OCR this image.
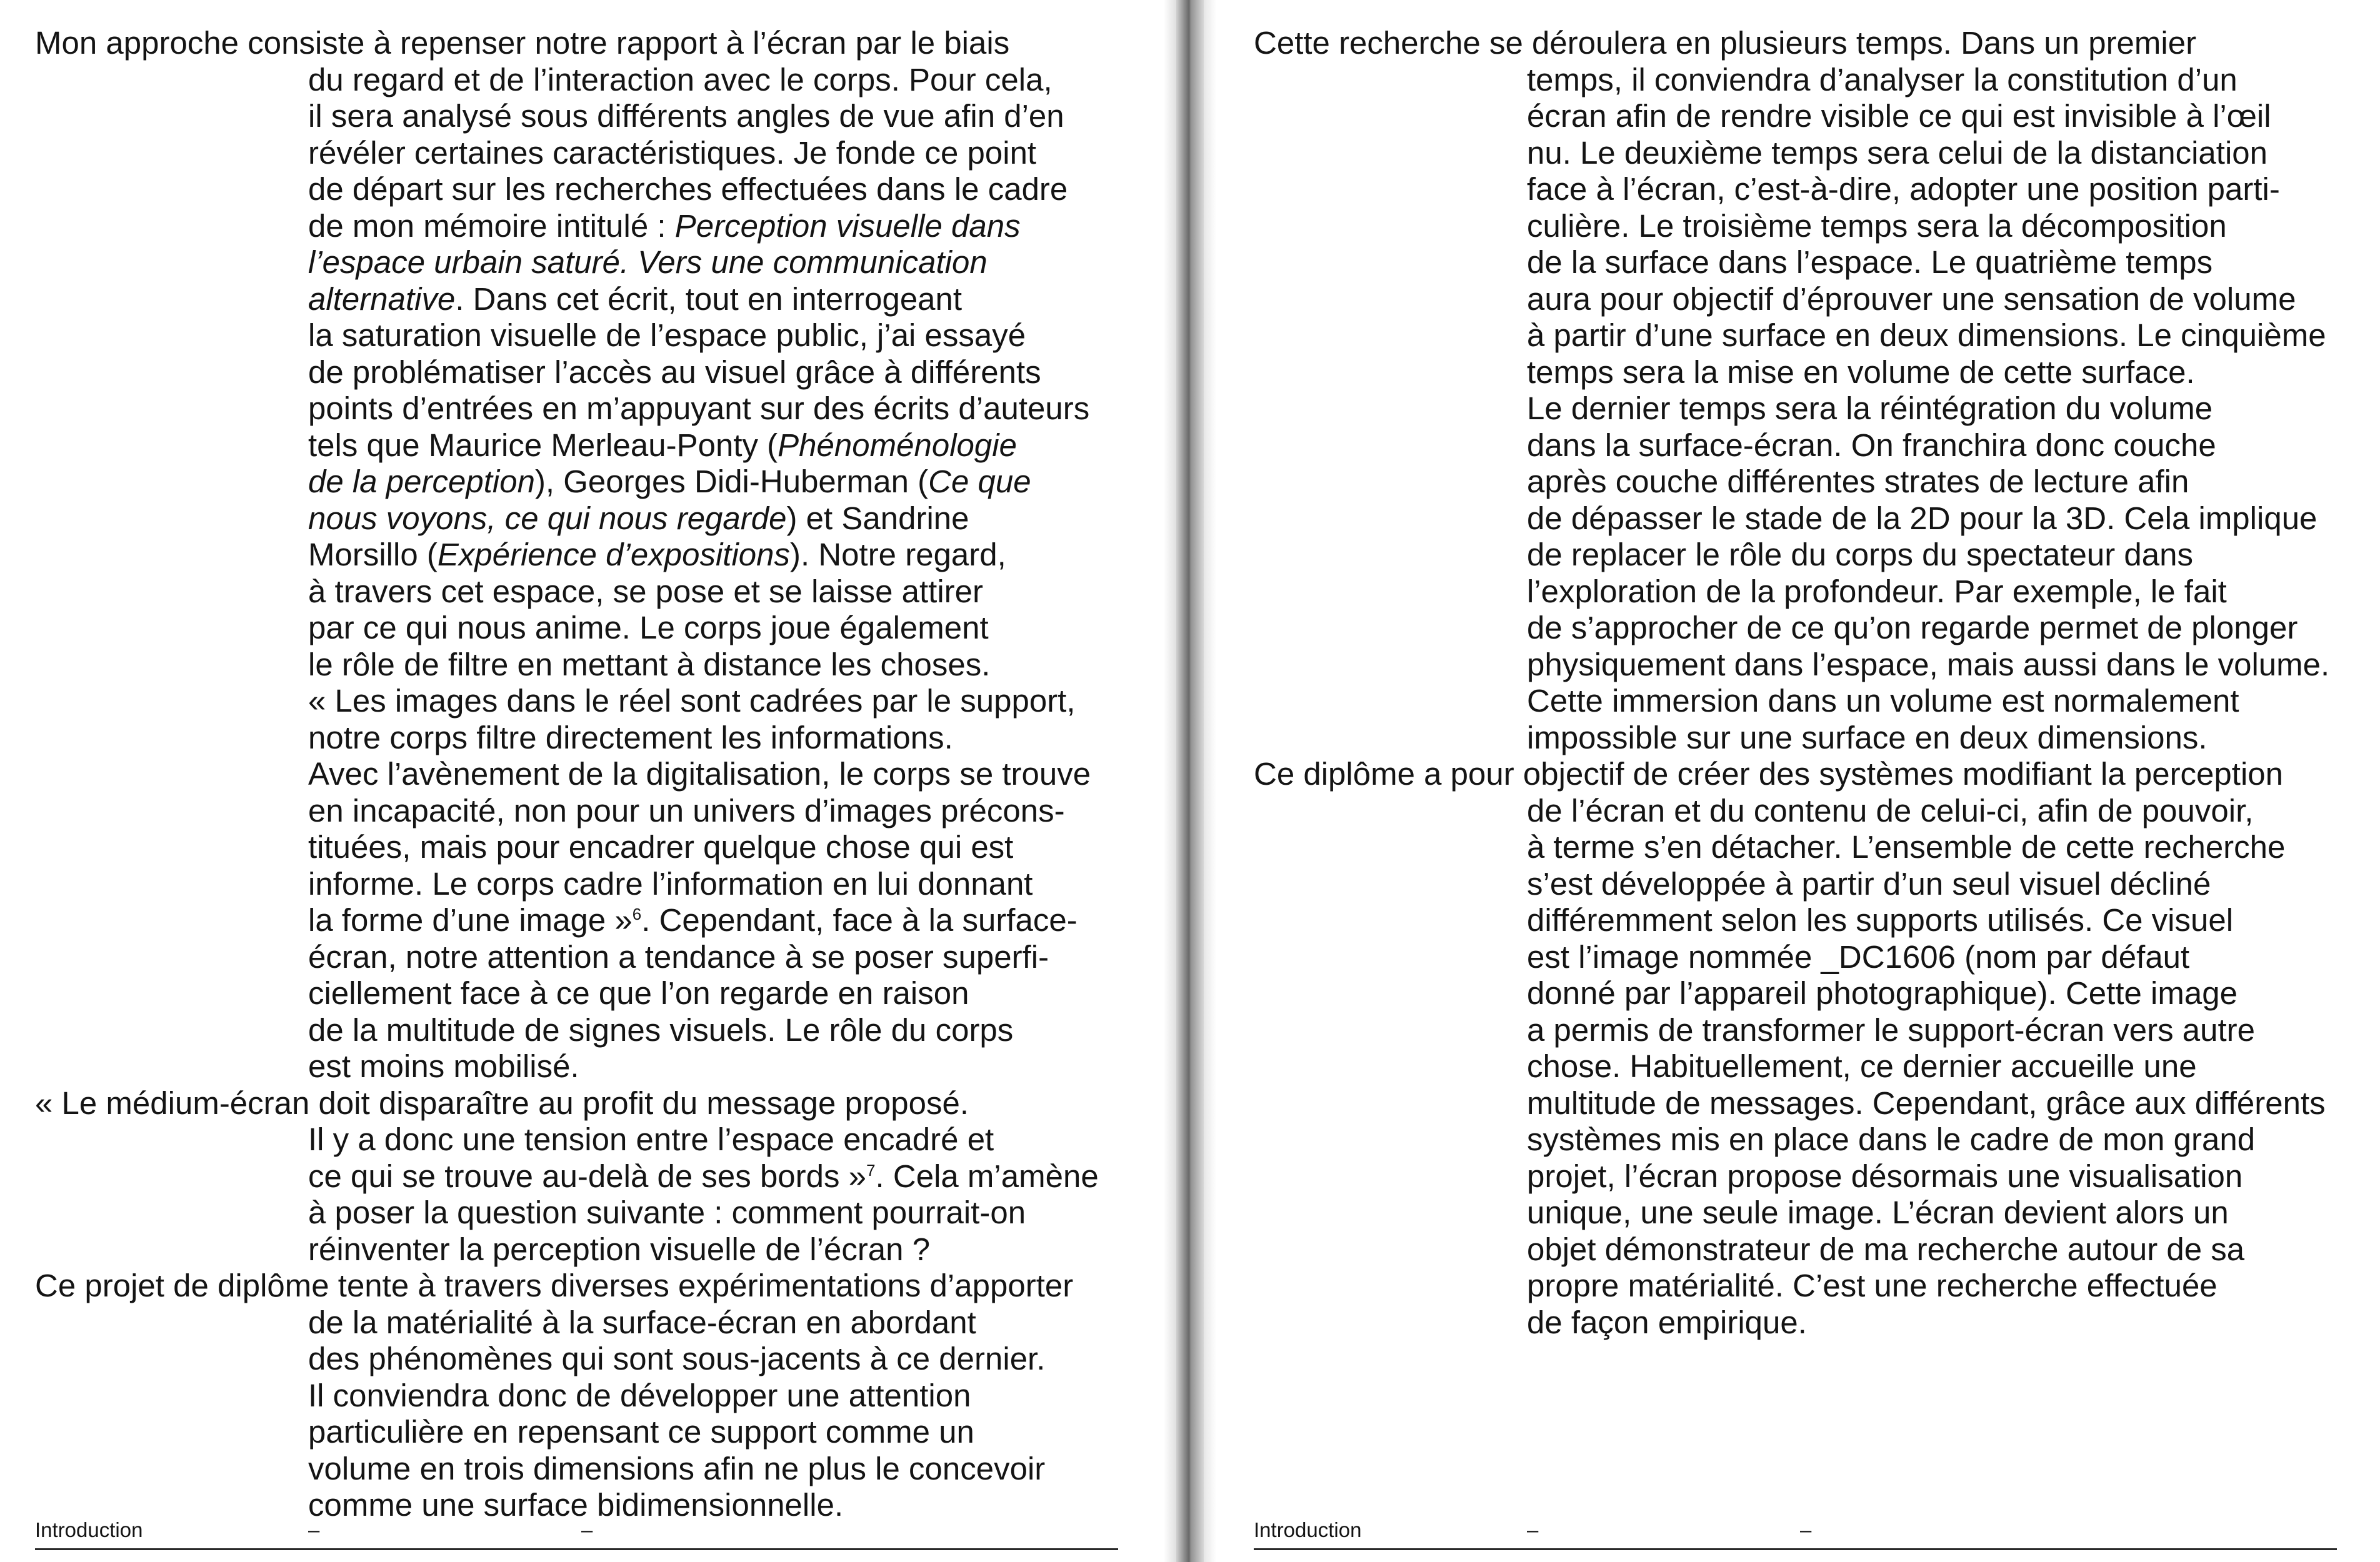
Mon approche consiste à repenser notre rapport à l’écran par le biais
du regard et de l’interaction avec le corps. Pour cela,
il sera analysé sous différents angles de vue afin d’en
révéler certaines caractéristiques. Je fonde ce point
de départ sur les recherches effectuées dans le cadre
de mon mémoire intitulé : Perception visuelle dans
l’espace urbain saturé. Vers une communication
alternative. Dans cet écrit, tout en interrogeant
la saturation visuelle de l’espace public, j’ai essayé
de problématiser l’accès au visuel grâce à différents
points d’entrées en m’appuyant sur des écrits d’auteurs
tels que Maurice Merleau-Ponty (Phénoménologie
de la perception), Georges Didi-Huberman (Ce que
nous voyons, ce qui nous regarde) et Sandrine
Morsillo (Expérience d’expositions). Notre regard,
à travers cet espace, se pose et se laisse attirer
par ce qui nous anime. Le corps joue également
le rôle de filtre en mettant à distance les choses.
« Les images dans le réel sont cadrées par le support,
notre corps filtre directement les informations.
Avec l’avènement de la digitalisation, le corps se trouve
en incapacité, non pour un univers d’images précons-
tituées, mais pour encadrer quelque chose qui est
informe. Le corps cadre l’information en lui donnant
la forme d’une image »$^6$. Cependant, face à la surface-
écran, notre attention a tendance à se poser superfi-
ciellement face à ce que l’on regarde en raison
de la multitude de signes visuels. Le rôle du corps
est moins mobilisé.
« Le médium-écran doit disparaître au profit du message proposé.
Il y a donc une tension entre l’espace encadré et
ce qui se trouve au-delà de ses bords »$^7$. Cela m’amène
à poser la question suivante : comment pourrait-on
réinventer la perception visuelle de l’écran ?
Ce projet de diplôme tente à travers diverses expérimentations d’apporter
de la matérialité à la surface-écran en abordant
des phénomènes qui sont sous-jacents à ce dernier.
Il conviendra donc de développer une attention
particulière en repensant ce support comme un
volume en trois dimensions afin ne plus le concevoir
comme une surface bidimensionnelle.

Introduction	–	–

Cette recherche se déroulera en plusieurs temps. Dans un premier
temps, il conviendra d’analyser la constitution d’un
écran afin de rendre visible ce qui est invisible à l’œil
nu. Le deuxième temps sera celui de la distanciation
face à l’écran, c’est-à-dire, adopter une position parti-
culière. Le troisième temps sera la décomposition
de la surface dans l’espace. Le quatrième temps
aura pour objectif d’éprouver une sensation de volume
à partir d’une surface en deux dimensions. Le cinquième
temps sera la mise en volume de cette surface.
Le dernier temps sera la réintégration du volume
dans la surface-écran. On franchira donc couche
après couche différentes strates de lecture afin
de dépasser le stade de la 2D pour la 3D. Cela implique
de replacer le rôle du corps du spectateur dans
l’exploration de la profondeur. Par exemple, le fait
de s’approcher de ce qu’on regarde permet de plonger
physiquement dans l’espace, mais aussi dans le volume.
Cette immersion dans un volume est normalement
impossible sur une surface en deux dimensions.
Ce diplôme a pour objectif de créer des systèmes modifiant la perception
de l’écran et du contenu de celui-ci, afin de pouvoir,
à terme s’en détacher. L’ensemble de cette recherche
s’est développée à partir d’un seul visuel décliné
différemment selon les supports utilisés. Ce visuel
est l’image nommée _DC1606 (nom par défaut
donné par l’appareil photographique). Cette image
a permis de transformer le support-écran vers autre
chose. Habituellement, ce dernier accueille une
multitude de messages. Cependant, grâce aux différents
systèmes mis en place dans le cadre de mon grand
projet, l’écran propose désormais une visualisation
unique, une seule image. L’écran devient alors un
objet démonstrateur de ma recherche autour de sa
propre matérialité. C’est une recherche effectuée
de façon empirique.

Introduction	–	–
